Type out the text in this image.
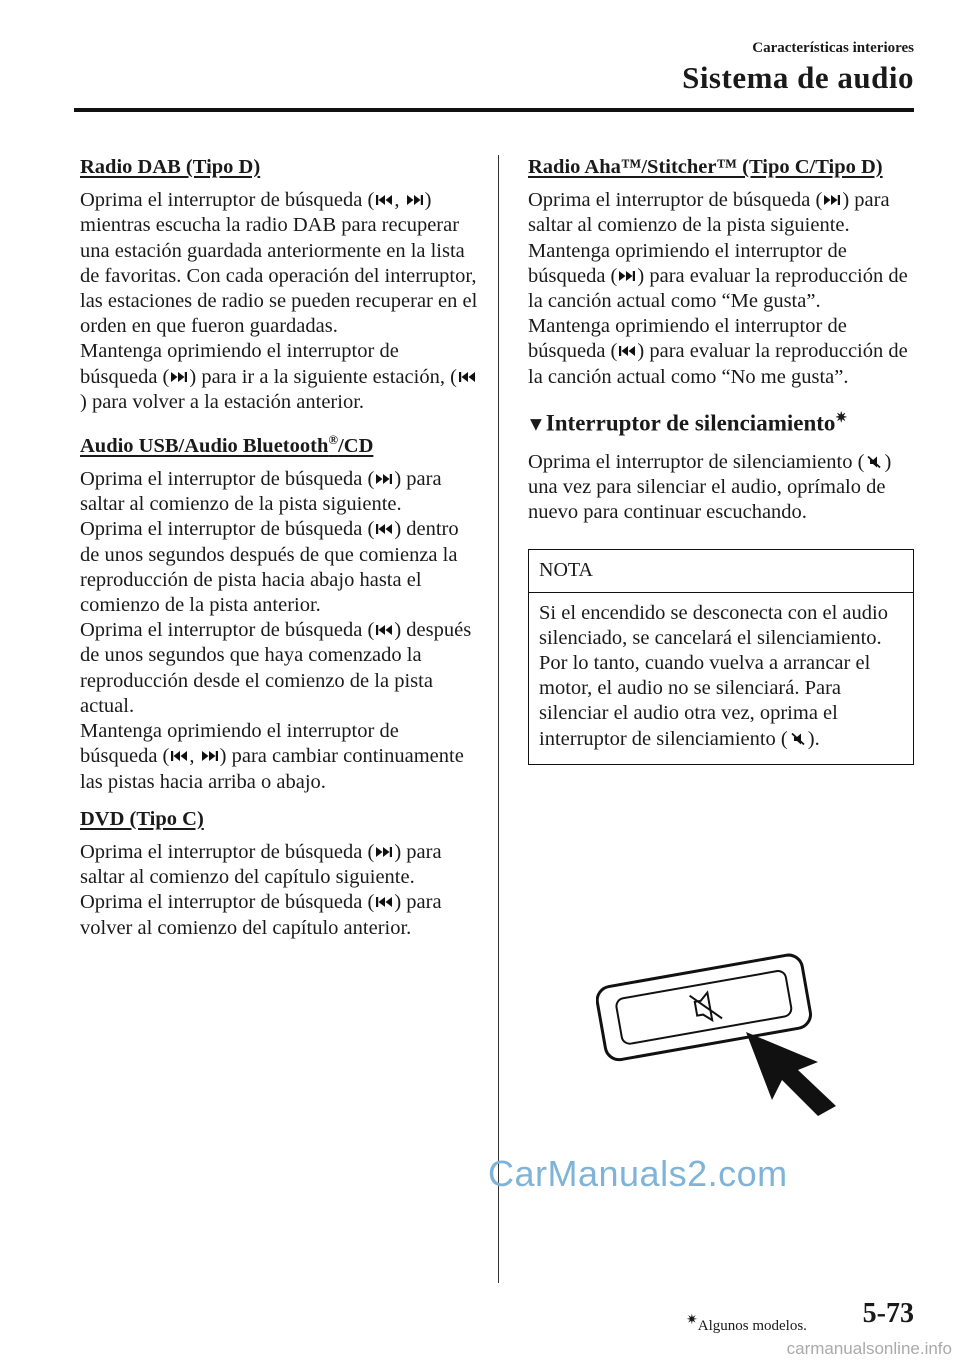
Características interiores
Sistema de audio
Radio DAB (Tipo D)

Oprima el interruptor de búsqueda ( , ) mientras escucha la radio DAB para recuperar una estación guardada anteriormente en la lista de favoritas. Con cada operación del interruptor, las estaciones de radio se pueden recuperar en el orden en que fueron guardadas.
Mantenga oprimiendo el interruptor de búsqueda ( ) para ir a la siguiente estación, (
) para volver a la estación anterior.

Audio USB/Audio Bluetooth®/CD

Oprima el interruptor de búsqueda ( ) para saltar al comienzo de la pista siguiente.
Oprima el interruptor de búsqueda ( ) dentro de unos segundos después de que comienza la reproducción de pista hacia abajo hasta el comienzo de la pista anterior.
Oprima el interruptor de búsqueda ( ) después de unos segundos que haya comenzado la reproducción desde el comienzo de la pista actual.
Mantenga oprimiendo el interruptor de búsqueda ( ,
) para cambiar continuamente las pistas hacia arriba o abajo.

DVD (Tipo C)

Oprima el interruptor de búsqueda ( ) para saltar al comienzo del capítulo siguiente.
Oprima el interruptor de búsqueda ( ) para volver al comienzo del capítulo anterior.

Radio Aha™/Stitcher™ (Tipo C/Tipo D)

Oprima el interruptor de búsqueda ( ) para saltar al comienzo de la pista siguiente.
Mantenga oprimiendo el interruptor de búsqueda ( ) para evaluar la reproducción de la canción actual como “Me gusta”.
Mantenga oprimiendo el interruptor de búsqueda ( ) para evaluar la reproducción de la canción actual como “No me gusta”.

▼Interruptor de silenciamiento✷

Oprima el interruptor de silenciamiento ( ) una vez para silenciar el audio, oprímalo de nuevo para continuar escuchando.

NOTA
Si el encendido se desconecta con el audio silenciado, se cancelará el silenciamiento. Por lo tanto, cuando vuelva a arrancar el motor, el audio no se silenciará. Para silenciar el audio otra vez, oprima el interruptor de silenciamiento ( ).
CarManuals2.com
✷Algunos modelos. 5-73
carmanualsonline.info
